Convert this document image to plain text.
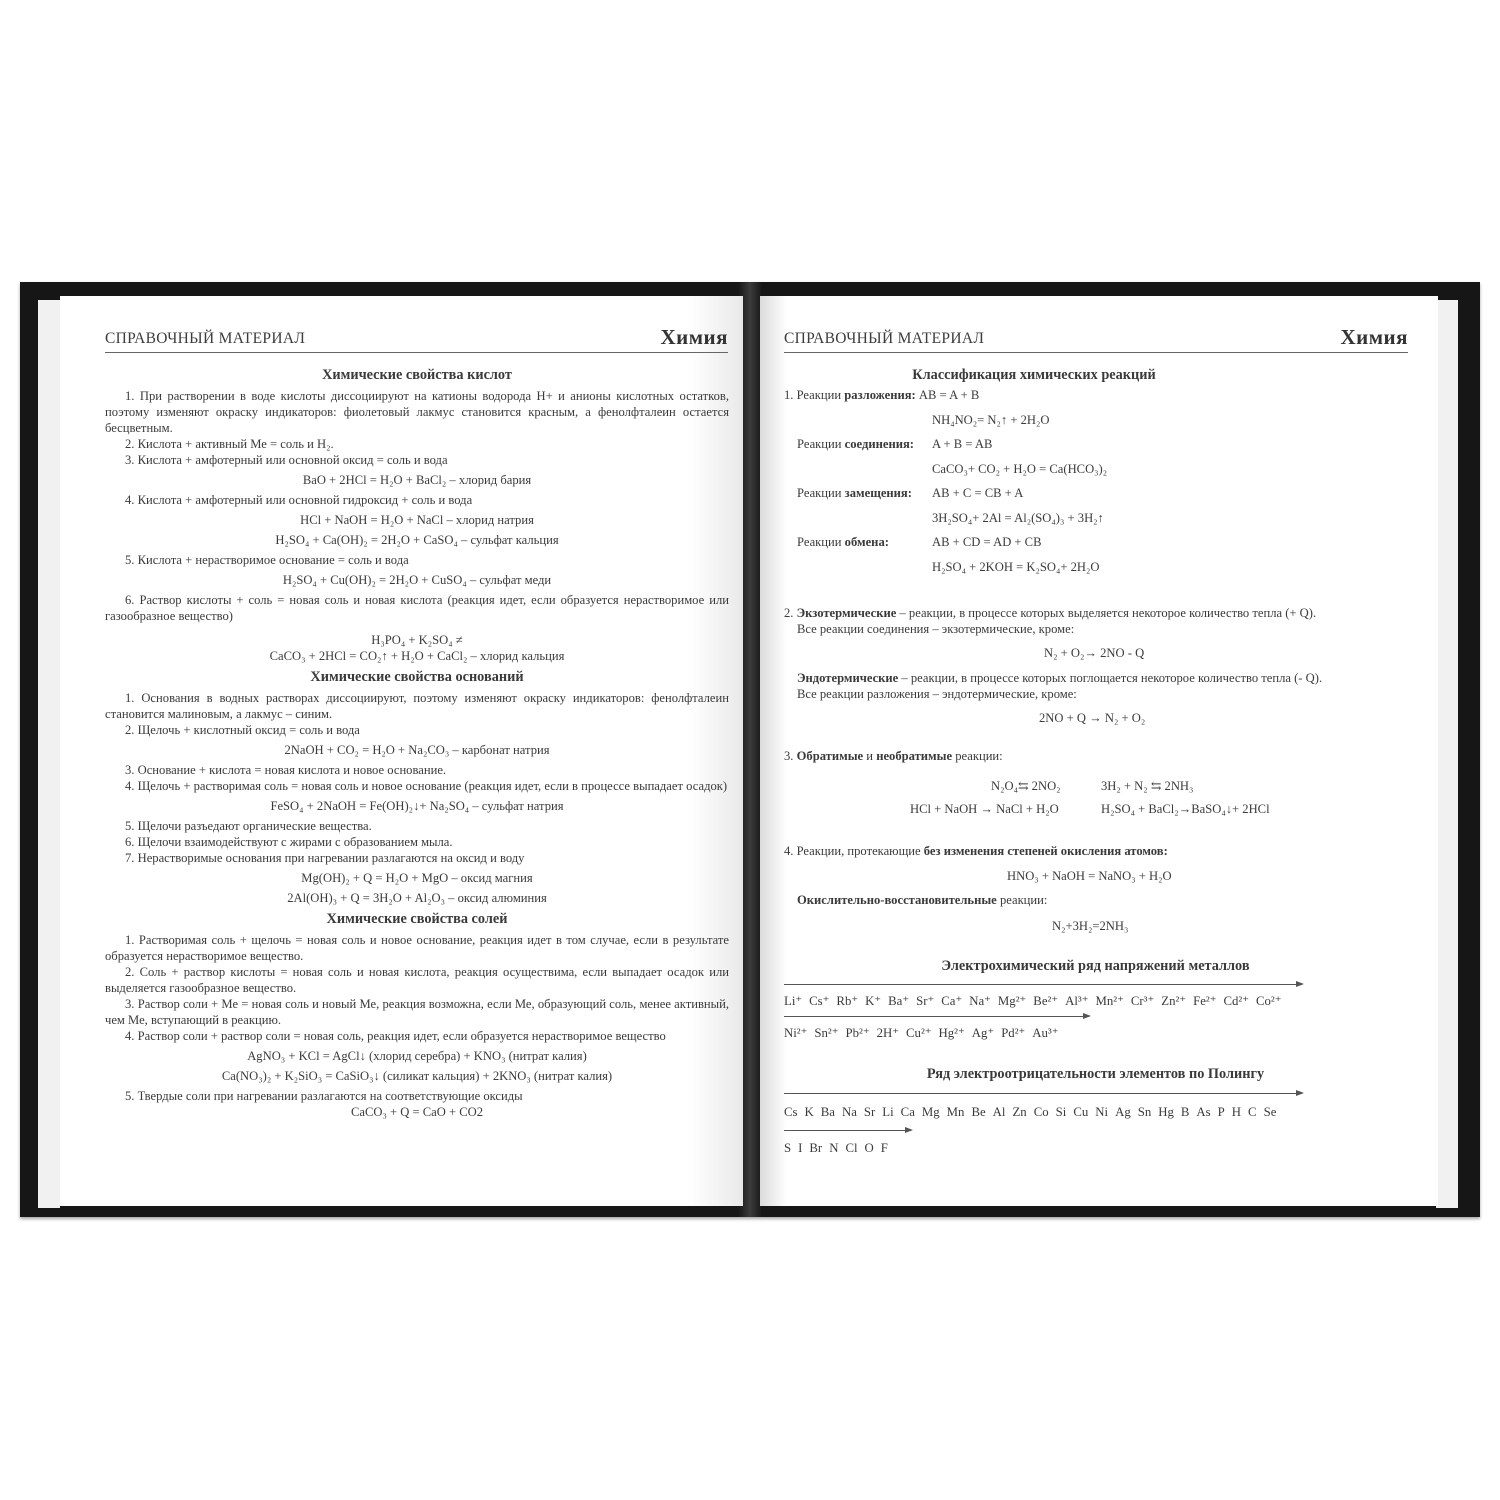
СПРАВОЧНЫЙ МАТЕРИАЛ	Химия
Химические свойства кислот

1. При растворении в воде кислоты диссоциируют на катионы водорода H+ и анионы кислотных остатков, поэтому изменяют окраску индикаторов: фиолетовый лакмус становится красным, а фенолфталеин остается бесцветным.

2. Кислота + активный Ме = соль и H₂.

3. Кислота + амфотерный или основной оксид = соль и вода

BaO + 2HCl = H₂O + BaCl₂ – хлорид бария

4. Кислота + амфотерный или основной гидроксид + соль и вода

HCl + NaOH = H₂O + NaCl – хлорид натрия

H₂SO₄ + Ca(OH)₂ = 2H₂O + CaSO₄ – сульфат кальция

5. Кислота + нерастворимое основание = соль и вода

H₂SO₄ + Cu(OH)₂ = 2H₂O + CuSO₄ – сульфат меди

6. Раствор кислоты + соль = новая соль и новая кислота (реакция идет, если образуется нерастворимое или газообразное вещество)

H₃PO₄ + K₂SO₄ ≠

CaCO₃ + 2HCl = CO₂↑ + H₂O + CaCl₂ – хлорид кальция

Химические свойства оснований

1. Основания в водных растворах диссоциируют, поэтому изменяют окраску индикаторов: фенолфталеин становится малиновым, а лакмус – синим.

2. Щелочь + кислотный оксид = соль и вода

2NaOH + CO₂ = H₂O + Na₂CO₃ – карбонат натрия

3. Основание + кислота = новая кислота и новое основание.

4. Щелочь + растворимая соль = новая соль и новое основание (реакция идет, если в процессе выпадает осадок)

FeSO₄ + 2NaOH = Fe(OH)₂↓+ Na₂SO₄ – сульфат натрия

5. Щелочи разъедают органические вещества.

6. Щелочи взаимодействуют с жирами с образованием мыла.

7. Нерастворимые основания при нагревании разлагаются на оксид и воду

Mg(OH)₂ + Q = H₂O + MgO – оксид магния

2Al(OH)₃ + Q = 3H₂O + Al₂O₃ – оксид алюминия

Химические свойства солей

1. Растворимая соль + щелочь = новая соль и новое основание, реакция идет в том случае, если в результате образуется нерастворимое вещество.

2. Соль + раствор кислоты = новая соль и новая кислота, реакция осуществима, если выпадает осадок или выделяется газообразное вещество.

3. Раствор соли + Ме = новая соль и новый Ме, реакция возможна, если Ме, образующий соль, менее активный, чем Ме, вступающий в реакцию.

4. Раствор соли + раствор соли = новая соль, реакция идет, если образуется нерастворимое вещество

AgNO₃ + KCl = AgCl↓ (хлорид серебра) + KNO₃ (нитрат калия)

Ca(NO₃)₂ + K₂SiO₃ = CaSiO₃↓ (силикат кальция) + 2KNO₃ (нитрат калия)

5. Твердые соли при нагревании разлагаются на соответствующие оксиды

CaCO₃ + Q = CaO + CO2

СПРАВОЧНЫЙ МАТЕРИАЛ	Химия
Классификация химических реакций
1. Реакции разложения: AB = A + B
NH₄NO₂= N₂↑ + 2H₂O
Реакции соединения: A + B = AB
CaCO₃+ CO₂ + H₂O = Ca(HCO₃)₂
Реакции замещения: AB + C = CB + A
3H₂SO₄+ 2Al = Al₂(SO₄)₃ + 3H₂↑
Реакции обмена:	AB + CD = AD + CB
H₂SO₄ + 2KOH = K₂SO₄+ 2H₂O
2. Экзотермические – реакции, в процессе которых выделяется некоторое количество тепла (+ Q).
Все реакции соединения – экзотермические, кроме:
N₂ + O₂→ 2NO - Q
Эндотермические – реакции, в процессе которых поглощается некоторое количество тепла (- Q).
Все реакции разложения – эндотермические, кроме:
2NO + Q → N₂ + O₂
3. Обратимые и необратимые реакции:
N₂O₄⇆ 2NO₂	3H₂ + N₂ ⇆ 2NH₃
HCl + NaOH → NaCl + H₂O	H₂SO₄ + BaCl₂→BaSO₄↓+ 2HCl
4. Реакции, протекающие без изменения степеней окисления атомов:
HNO₃ + NaOH = NaNO₃ + H₂O
Окислительно-восстановительные реакции:
N₂+3H₂=2NH₃
Электрохимический ряд напряжений металлов
Li⁺ Cs⁺ Rb⁺ K⁺ Ba⁺ Sr⁺ Ca⁺ Na⁺ Mg²⁺ Be²⁺ Al³⁺ Mn²⁺ Cr³⁺ Zn²⁺ Fe²⁺ Cd²⁺ Co²⁺
Ni²⁺ Sn²⁺ Pb²⁺ 2H⁺ Cu²⁺ Hg²⁺ Ag⁺ Pd²⁺ Au³⁺
Ряд электроотрицательности элементов по Полингу
Cs K Ba Na Sr Li Ca Mg Mn Be Al Zn Co Si Cu Ni Ag Sn Hg B As P H C Se
S I Br N Cl O F
